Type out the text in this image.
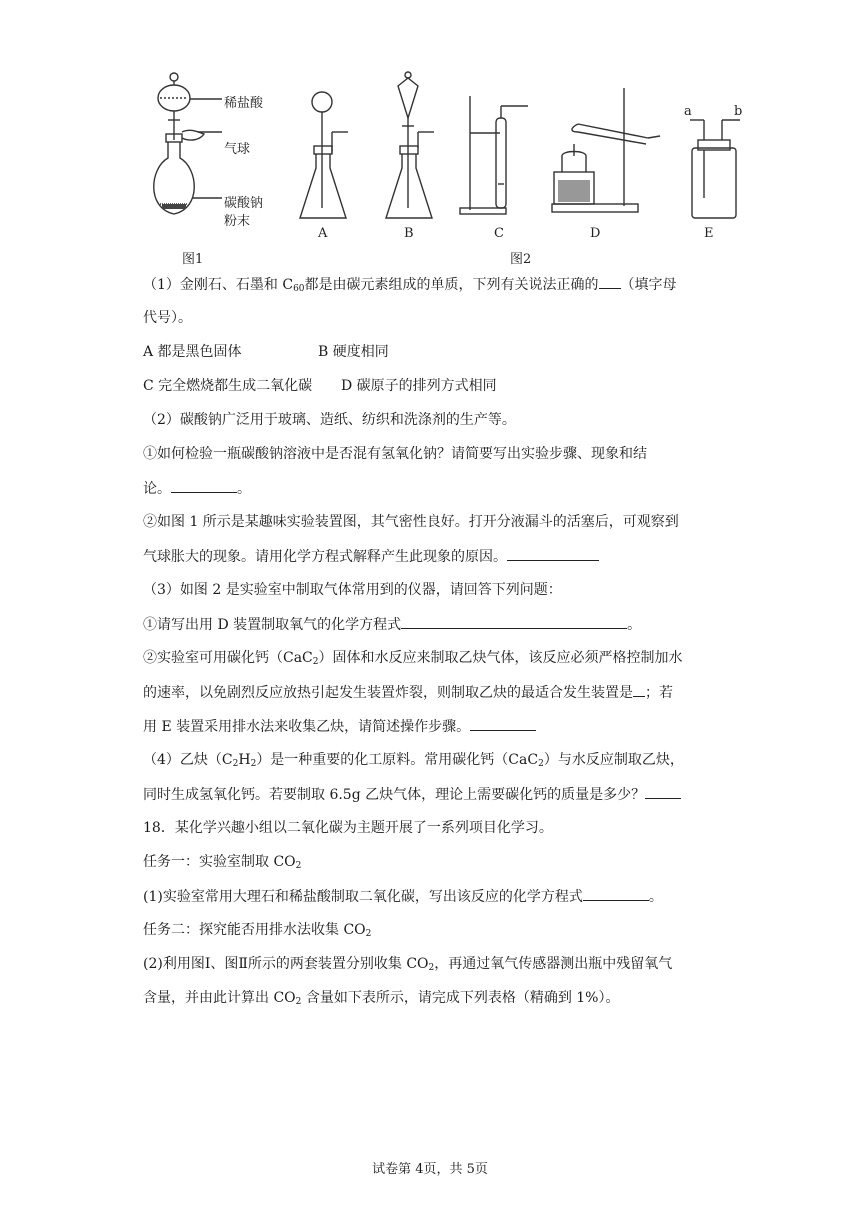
稀盐酸
气球
碳酸钠
粉末
图1	图2
A	B	C	D	E
a	b
（1）金刚石、石墨和 $C_{60}$都是由碳元素组成的单质，下列有关说法正确的 （填字母
代号）。
A 都是黑色固体	B 硬度相同
C 完全燃烧都生成二氧化碳 D 碳原子的排列方式相同
（2）碳酸钠广泛用于玻璃、造纸、纺织和洗涤剂的生产等。
①如何检验一瓶碳酸钠溶液中是否混有氢氧化钠？请简要写出实验步骤、现象和结
论。	。
②如图 1 所示是某趣味实验装置图，其气密性良好。打开分液漏斗的活塞后，可观察到
气球胀大的现象。请用化学方程式解释产生此现象的原因。
（3）如图 2 是实验室中制取气体常用到的仪器，请回答下列问题：
①请写出用 D 装置制取氧气的化学方程式	。
②实验室可用碳化钙（CaC$_2$）固体和水反应来制取乙炔气体，该反应必须严格控制加水
的速率，以免剧烈反应放热引起发生装置炸裂，则制取乙炔的最适合发生装置是 ；若
用 E 装置采用排水法来收集乙炔，请简述操作步骤。
（4）乙炔$(C_2H_2)$是一种重要的化工原料。常用碳化钙（CaC$_2$）与水反应制取乙炔，
同时生成氢氧化钙。若要制取 6.5g 乙炔气体，理论上需要碳化钙的质量是多少？
18．某化学兴趣小组以二氧化碳为主题开展了一系列项目化学习。
任务一：实验室制取 $CO_2$
(1)实验室常用大理石和稀盐酸制取二氧化碳，写出该反应的化学方程式	。
任务二：探究能否用排水法收集 $CO_2$
(2)利用图Ⅰ、图Ⅱ所示的两套装置分别收集 $CO_2$，再通过氧气传感器测出瓶中残留氧气
含量，并由此计算出 $CO_2$ 含量如下表所示，请完成下列表格（精确到 1%）。
试卷第 4页，共 5页
